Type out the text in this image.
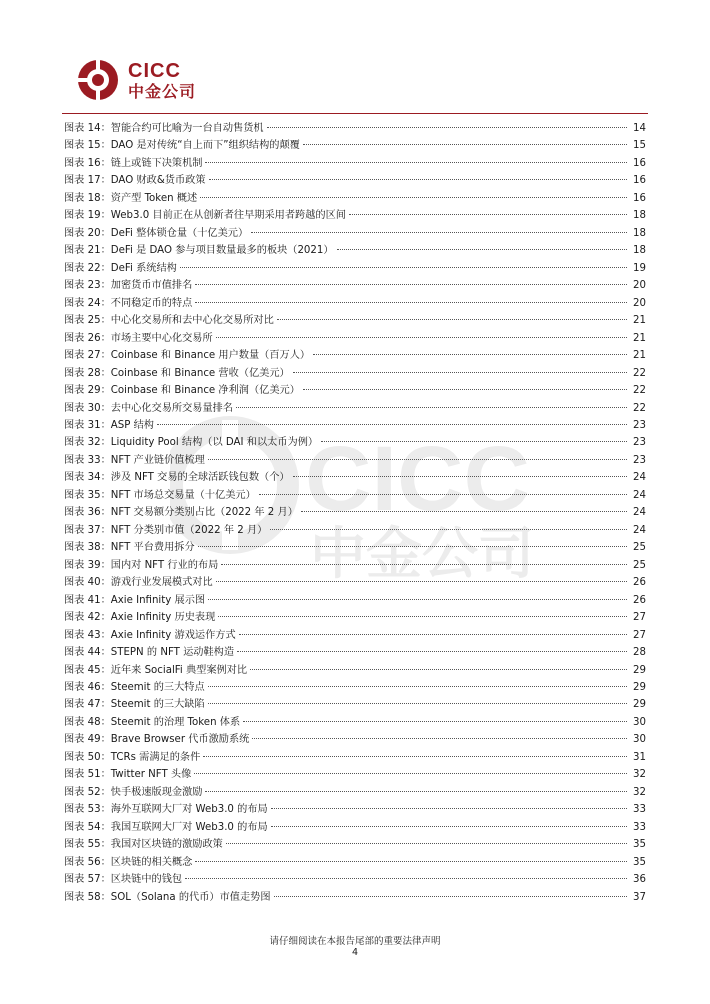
CICC
中金公司
CICC
中金公司
图表 14： 智能合约可比喻为一台自动售货机	14
图表 15： DAO 是对传统“自上而下”组织结构的颠覆	15
图表 16： 链上或链下决策机制	16
图表 17： DAO 财政&货币政策	16
图表 18： 资产型 Token 概述	16
图表 19： Web3.0 目前正在从创新者往早期采用者跨越的区间	18
图表 20： DeFi 整体锁仓量（十亿美元）	18
图表 21： DeFi 是 DAO 参与项目数量最多的板块（2021）	18
图表 22： DeFi 系统结构	19
图表 23： 加密货币市值排名	20
图表 24： 不同稳定币的特点	20
图表 25： 中心化交易所和去中心化交易所对比	21
图表 26： 市场主要中心化交易所	21
图表 27： Coinbase 和 Binance 用户数量（百万人）	21
图表 28： Coinbase 和 Binance 营收（亿美元）	22
图表 29： Coinbase 和 Binance 净利润（亿美元）	22
图表 30： 去中心化交易所交易量排名	22
图表 31： ASP 结构	23
图表 32： Liquidity Pool 结构（以 DAI 和以太币为例）	23
图表 33： NFT 产业链价值梳理	23
图表 34： 涉及 NFT 交易的全球活跃钱包数（个）	24
图表 35： NFT 市场总交易量（十亿美元）	24
图表 36： NFT 交易额分类别占比（2022 年 2 月）	24
图表 37： NFT 分类别市值（2022 年 2 月）	24
图表 38： NFT 平台费用拆分	25
图表 39： 国内对 NFT 行业的布局	25
图表 40： 游戏行业发展模式对比	26
图表 41： Axie Infinity 展示图	26
图表 42： Axie Infinity 历史表现	27
图表 43： Axie Infinity 游戏运作方式	27
图表 44： STEPN 的 NFT 运动鞋构造	28
图表 45： 近年来 SocialFi 典型案例对比	29
图表 46： Steemit 的三大特点	29
图表 47： Steemit 的三大缺陷	29
图表 48： Steemit 的治理 Token 体系	30
图表 49： Brave Browser 代币激励系统	30
图表 50： TCRs 需满足的条件	31
图表 51： Twitter NFT 头像	32
图表 52： 快手极速版现金激励	32
图表 53： 海外互联网大厂对 Web3.0 的布局	33
图表 54： 我国互联网大厂对 Web3.0 的布局	33
图表 55： 我国对区块链的激励政策	35
图表 56： 区块链的相关概念	35
图表 57： 区块链中的钱包	36
图表 58： SOL（Solana 的代币）市值走势图	37
请仔细阅读在本报告尾部的重要法律声明
4
